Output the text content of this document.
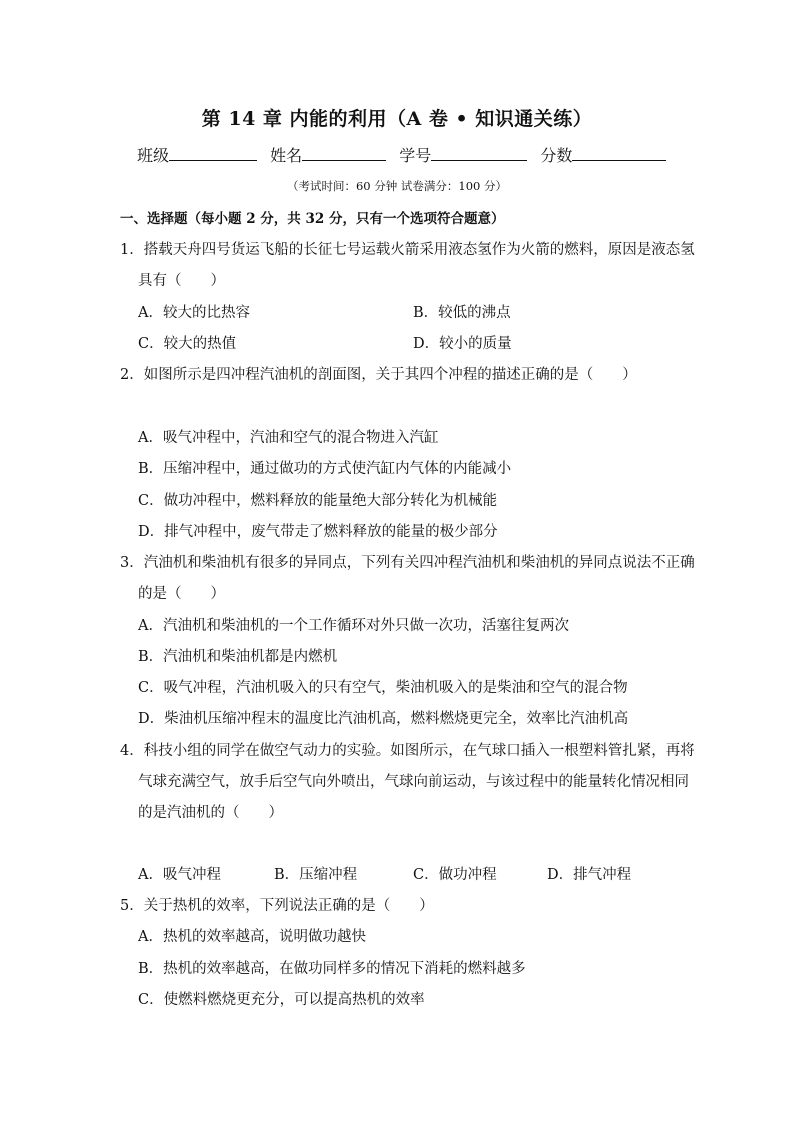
第 14 章 内能的利用（A 卷 • 知识通关练）
班级	姓名	学号	分数
（考试时间：60 分钟 试卷满分：100 分）
一、选择题（每小题 2 分，共 32 分，只有一个选项符合题意）
1．搭载天舟四号货运飞船的长征七号运载火箭采用液态氢作为火箭的燃料，原因是液态氢
具有（　　）
A．较大的比热容	B．较低的沸点
C．较大的热值	D．较小的质量
2．如图所示是四冲程汽油机的剖面图，关于其四个冲程的描述正确的是（　　）
A．吸气冲程中，汽油和空气的混合物进入汽缸
B．压缩冲程中，通过做功的方式使汽缸内气体的内能减小
C．做功冲程中，燃料释放的能量绝大部分转化为机械能
D．排气冲程中，废气带走了燃料释放的能量的极少部分
3．汽油机和柴油机有很多的异同点，下列有关四冲程汽油机和柴油机的异同点说法不正确
的是（　　）
A．汽油机和柴油机的一个工作循环对外只做一次功，活塞往复两次
B．汽油机和柴油机都是内燃机
C．吸气冲程，汽油机吸入的只有空气，柴油机吸入的是柴油和空气的混合物
D．柴油机压缩冲程末的温度比汽油机高，燃料燃烧更完全，效率比汽油机高
4．科技小组的同学在做空气动力的实验。如图所示，在气球口插入一根塑料管扎紧，再将
气球充满空气，放手后空气向外喷出，气球向前运动，与该过程中的能量转化情况相同
的是汽油机的（　　）
A．吸气冲程	B．压缩冲程	C．做功冲程	D．排气冲程
5．关于热机的效率，下列说法正确的是（　　）
A．热机的效率越高，说明做功越快
B．热机的效率越高，在做功同样多的情况下消耗的燃料越多
C．使燃料燃烧更充分，可以提高热机的效率
